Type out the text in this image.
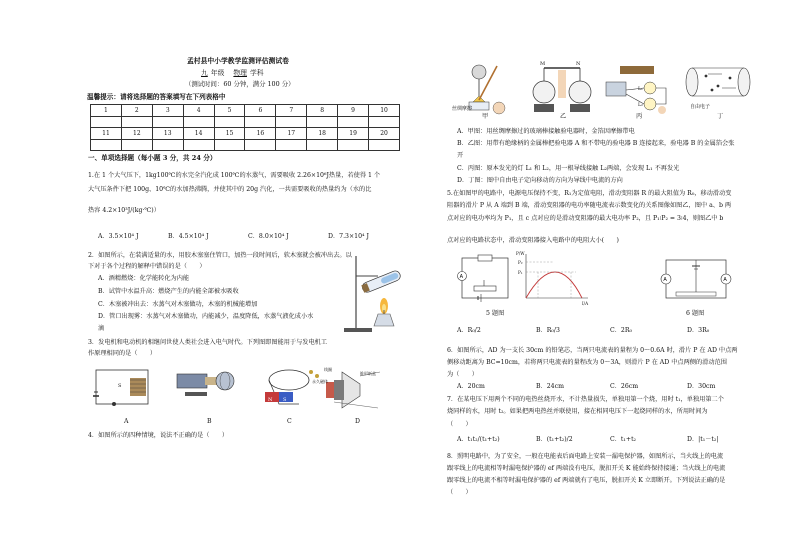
孟村县中小学教学监测评估测试卷
九 年级 物理 学科
（测试时间：60 分钟，满分 100 分）
温馨提示：请将选择题的答案填写在下列表格中
1	2	3	4	5	6	7	8	9	10

11	12	13	14	15	16	17	18	19	20

一、单项选择题（每小题 3 分，共 24 分）
1.在 1 个大气压下，1kg100℃的水完全汽化成 100℃的水蒸气，需要吸收 2.26×10⁶J热量，若使得 1 个
大气压条件下把 100g、10℃的水加热沸腾，并使其中的 20g 汽化，一共需要吸收的热量约为（水的比
热容 4.2×10³J/(kg·℃)）
A．3.5×10⁴ J	B．4.5×10⁴ J	C．8.0×10⁴ J	D．7.3×10⁴ J
2．如图所示，在装满适量的水，用胶木塞塞住管口，加热一段时间后，软木塞就会被冲出去。以
下对于各个过程的解释中错误的是（　　）
A．酒精燃烧：化学能转化为内能
B．试管中水温升高：燃烧产生的内能全部被水吸收
C．木塞被冲出去：水蒸气对木塞做功，木塞的机械能增加
D．管口出现雾：水蒸气对木塞做功，内能减少，温度降低，水蒸气液化成小水
滴
3．发电机和电动机的相继问世使人类社会进入电气时代。下列图即图能用于与发电机工
作原理相同的是（　　）
S
N S
线圈
永久磁体
锥形纸盆
A	B	C	D
4．如图所示的四种情境，说法不正确的是（　　）
丝绸摩擦
M	N
L₁
L₂	自由电子
甲	乙	丙	丁
A．甲图：用丝绸摩擦过的玻璃棒接触验电器时，金箔因摩擦带电
B．乙图：用带有绝缘柄的金属棒把验电器 A 和不带电的验电器 B 连接起来，验电器 B 的金属箔会张
开
C．丙图：原本发光的灯 L₁ 和 L₂，用一根导线接触 L₂两端，会发现 L₁ 不再发光
D．丁图：图中自由电子定向移动的方向为导线中电流的方向
5.在如图甲的电路中，电源电压保持不变，R₁为定值电阻，滑动变阻器 R 的最大阻值为 R₀，移动滑动变
阻器的滑片 P 从 A 端到 B 端，滑动变阻器的电功率随电流表示数变化的关系图像如图乙，图中 a、b 两
点对应的电功率均为 P₁，且 c 点对应的是滑动变阻器的最大电功率 P₂，且 P₁∶P₂ = 3∶4，则图乙中 b
点对应的电路状态中，滑动变阻器接入电路中的电阻大小(　　)
A
P/W
I/A
P₂
P₁
A	A
5 题图	6 题图
A．R₀/2	B．R₀/3	C．2R₀	D．3R₀
6．如图所示，AD 为一支长 30cm 的铅笔芯，当两只电流表的量程为 0～0.6A 时，滑片 P 在 AD 中点两
侧移动距离为 BC=10cm，若将两只电流表的量程改为 0～3A，则滑片 P 在 AD 中点两侧的滑动范围
为（　　）
A．20cm	B．24cm	C．26cm	D．30cm
7．在某电压下用两个不同的电热丝烧开水，不计热量损失，单独用第一个烧，用时 t₁，单独用第二个
烧同样的水，用时 t₂。如果把两电热丝并联使用，接在相同电压下一起烧同样的水，所用时间为
（　　）
A．t₁t₂/(t₁+t₂)	B．(t₁+t₂)/2	C．t₁+t₂	D．|t₁－t₂|
8．照明电路中，为了安全，一般在电能表后面电路上安装一漏电保护器，如图所示，当火线上的电流
跟零线上的电流相等时漏电保护器的 ef 两端没有电压，脱扣开关 K 能始终保持接通；当火线上的电流
跟零线上的电流不相等时漏电保护器的 ef 两端就有了电压，脱扣开关 K 立即断开。下列说法正确的是
（　　）
